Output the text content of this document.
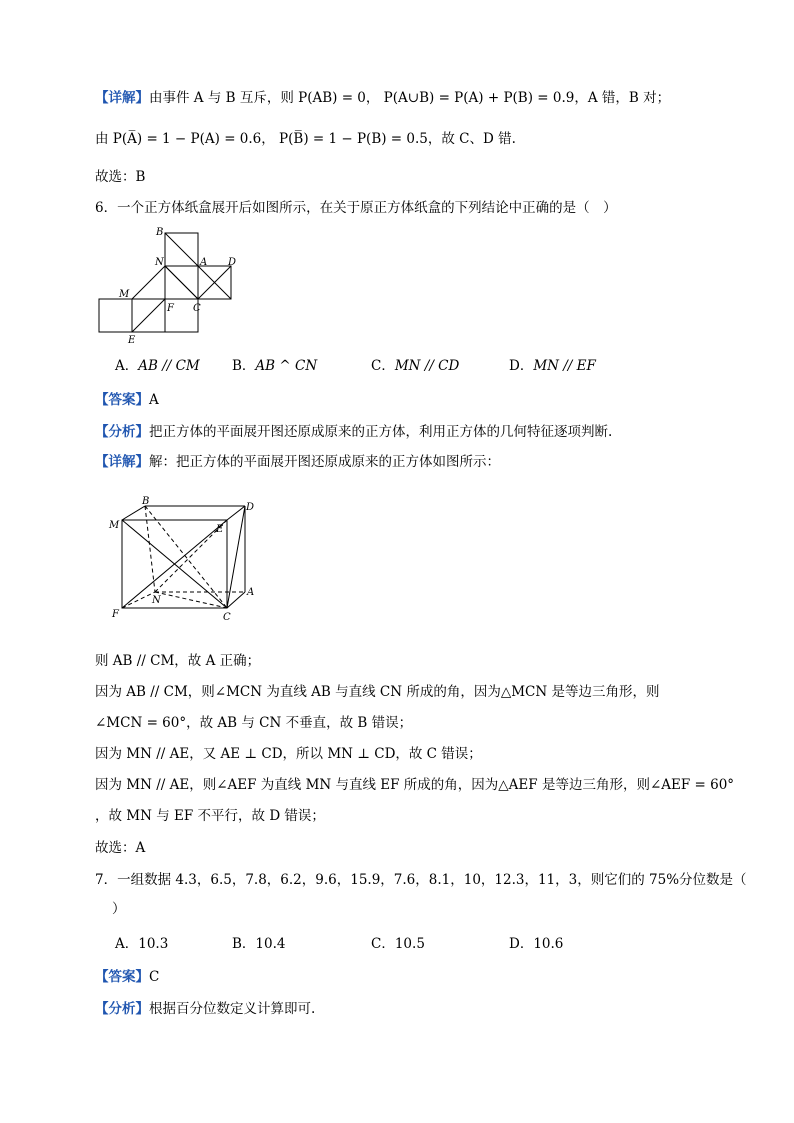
【详解】由事件 A 与 B 互斥，则 P(AB) = 0， P(A∪B) = P(A) + P(B) = 0.9，A 错，B 对；
由 P(A̅) = 1 − P(A) = 0.6， P(B̅) = 1 − P(B) = 0.5，故 C、D 错.
故选：B
6．一个正方体纸盒展开后如图所示，在关于原正方体纸盒的下列结论中正确的是（　）
B
N	A D
M
F C
E
A．AB // CM B．AB ^ CN	C．MN // CD	D．MN // EF
【答案】A
【分析】把正方体的平面展开图还原成原来的正方体，利用正方体的几何特征逐项判断.
【详解】解：把正方体的平面展开图还原成原来的正方体如图所示：
B
D
M	E
N
A
F	C
则 AB // CM，故 A 正确；
因为 AB // CM，则∠MCN 为直线 AB 与直线 CN 所成的角，因为△MCN 是等边三角形，则
∠MCN = 60°，故 AB 与 CN 不垂直，故 B 错误；
因为 MN // AE，又 AE ⊥ CD，所以 MN ⊥ CD，故 C 错误；
因为 MN // AE，则∠AEF 为直线 MN 与直线 EF 所成的角，因为△AEF 是等边三角形，则∠AEF = 60°
，故 MN 与 EF 不平行，故 D 错误；
故选：A
7．一组数据 4.3，6.5，7.8，6.2，9.6，15.9，7.6，8.1，10，12.3，11，3，则它们的 75%分位数是（
）
A．10.3	B．10.4	C．10.5	D．10.6
【答案】C
【分析】根据百分位数定义计算即可.
